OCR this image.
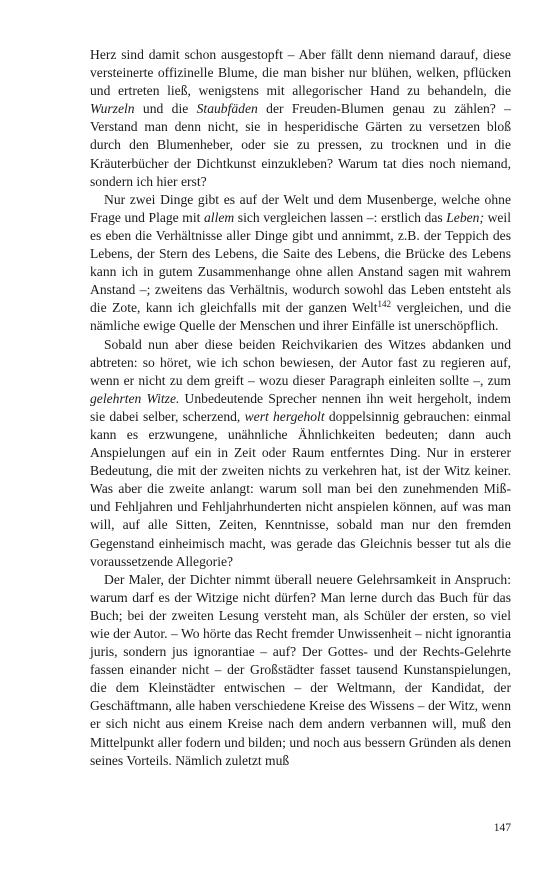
Herz sind damit schon ausgestopft – Aber fällt denn niemand darauf, diese versteinerte offizinelle Blume, die man bisher nur blühen, welken, pflücken und ertreten ließ, wenigstens mit allegorischer Hand zu behandeln, die Wurzeln und die Staubfäden der Freuden-Blumen genau zu zählen? – Verstand man denn nicht, sie in hesperidische Gärten zu versetzen bloß durch den Blumenheber, oder sie zu pressen, zu trocknen und in die Kräuterbücher der Dichtkunst einzukleben? Warum tat dies noch niemand, sondern ich hier erst?

Nur zwei Dinge gibt es auf der Welt und dem Musenberge, welche ohne Frage und Plage mit allem sich vergleichen lassen –: erstlich das Leben; weil es eben die Verhältnisse aller Dinge gibt und annimmt, z.B. der Teppich des Lebens, der Stern des Lebens, die Saite des Lebens, die Brücke des Lebens kann ich in gutem Zusammenhange ohne allen Anstand sagen mit wahrem Anstand –; zweitens das Verhältnis, wodurch sowohl das Leben entsteht als die Zote, kann ich gleichfalls mit der ganzen Welt$^{142}$ vergleichen, und die nämliche ewige Quelle der Menschen und ihrer Einfälle ist unerschöpflich.

Sobald nun aber diese beiden Reichvikarien des Witzes abdanken und abtreten: so höret, wie ich schon bewiesen, der Autor fast zu regieren auf, wenn er nicht zu dem greift – wozu dieser Paragraph einleiten sollte –, zum gelehrten Witze. Unbedeutende Sprecher nennen ihn weit hergeholt, indem sie dabei selber, scherzend, wert hergeholt doppelsinnig gebrauchen: einmal kann es erzwungene, unähnliche Ähnlichkeiten bedeuten; dann auch Anspielungen auf ein in Zeit oder Raum entferntes Ding. Nur in ersterer Bedeutung, die mit der zweiten nichts zu verkehren hat, ist der Witz keiner. Was aber die zweite anlangt: warum soll man bei den zunehmenden Miß- und Fehljahren und Fehljahrhunderten nicht anspielen können, auf was man will, auf alle Sitten, Zeiten, Kenntnisse, sobald man nur den fremden Gegenstand einheimisch macht, was gerade das Gleichnis besser tut als die voraussetzende Allegorie?

Der Maler, der Dichter nimmt überall neuere Gelehrsamkeit in Anspruch: warum darf es der Witzige nicht dürfen? Man lerne durch das Buch für das Buch; bei der zweiten Lesung versteht man, als Schüler der ersten, so viel wie der Autor. – Wo hörte das Recht fremder Unwissenheit – nicht ignorantia juris, sondern jus ignorantiae – auf? Der Gottes- und der Rechts-Gelehrte fassen einander nicht – der Großstädter fasset tausend Kunstanspielungen, die dem Kleinstädter entwischen – der Weltmann, der Kandidat, der Geschäftmann, alle haben verschiedene Kreise des Wissens – der Witz, wenn er sich nicht aus einem Kreise nach dem andern verbannen will, muß den Mittelpunkt aller fodern und bilden; und noch aus bessern Gründen als denen seines Vorteils. Nämlich zuletzt muß

147
